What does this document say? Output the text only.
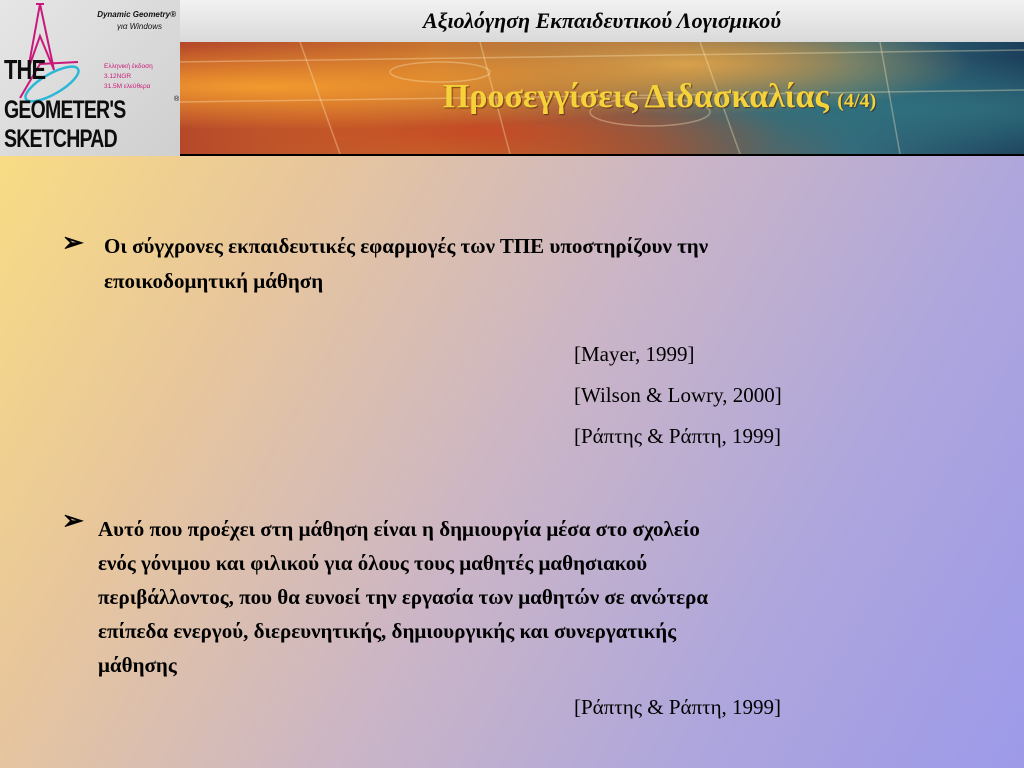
Dynamic Geometry®
για Windows
Ελληνική έκδοση 3.12NGR
31.5M ελεύθερα
THE
GEOMETER'S SKETCHPAD
®
Αξιολόγηση Εκπαιδευτικού Λογισμικού
Προσεγγίσεις Διδασκαλίας (4/4)
➢ Οι σύγχρονες εκπαιδευτικές εφαρμογές των ΤΠΕ υποστηρίζουν την
εποικοδομητική μάθηση
[Mayer, 1999]
[Wilson & Lowry, 2000]
[Ράπτης & Ράπτη, 1999]
➢ Αυτό που προέχει στη μάθηση είναι η δημιουργία μέσα στο σχολείο
ενός γόνιμου και φιλικού για όλους τους μαθητές μαθησιακού
περιβάλλοντος, που θα ευνοεί την εργασία των μαθητών σε ανώτερα
επίπεδα ενεργού, διερευνητικής, δημιουργικής και συνεργατικής
μάθησης
[Ράπτης & Ράπτη, 1999]
